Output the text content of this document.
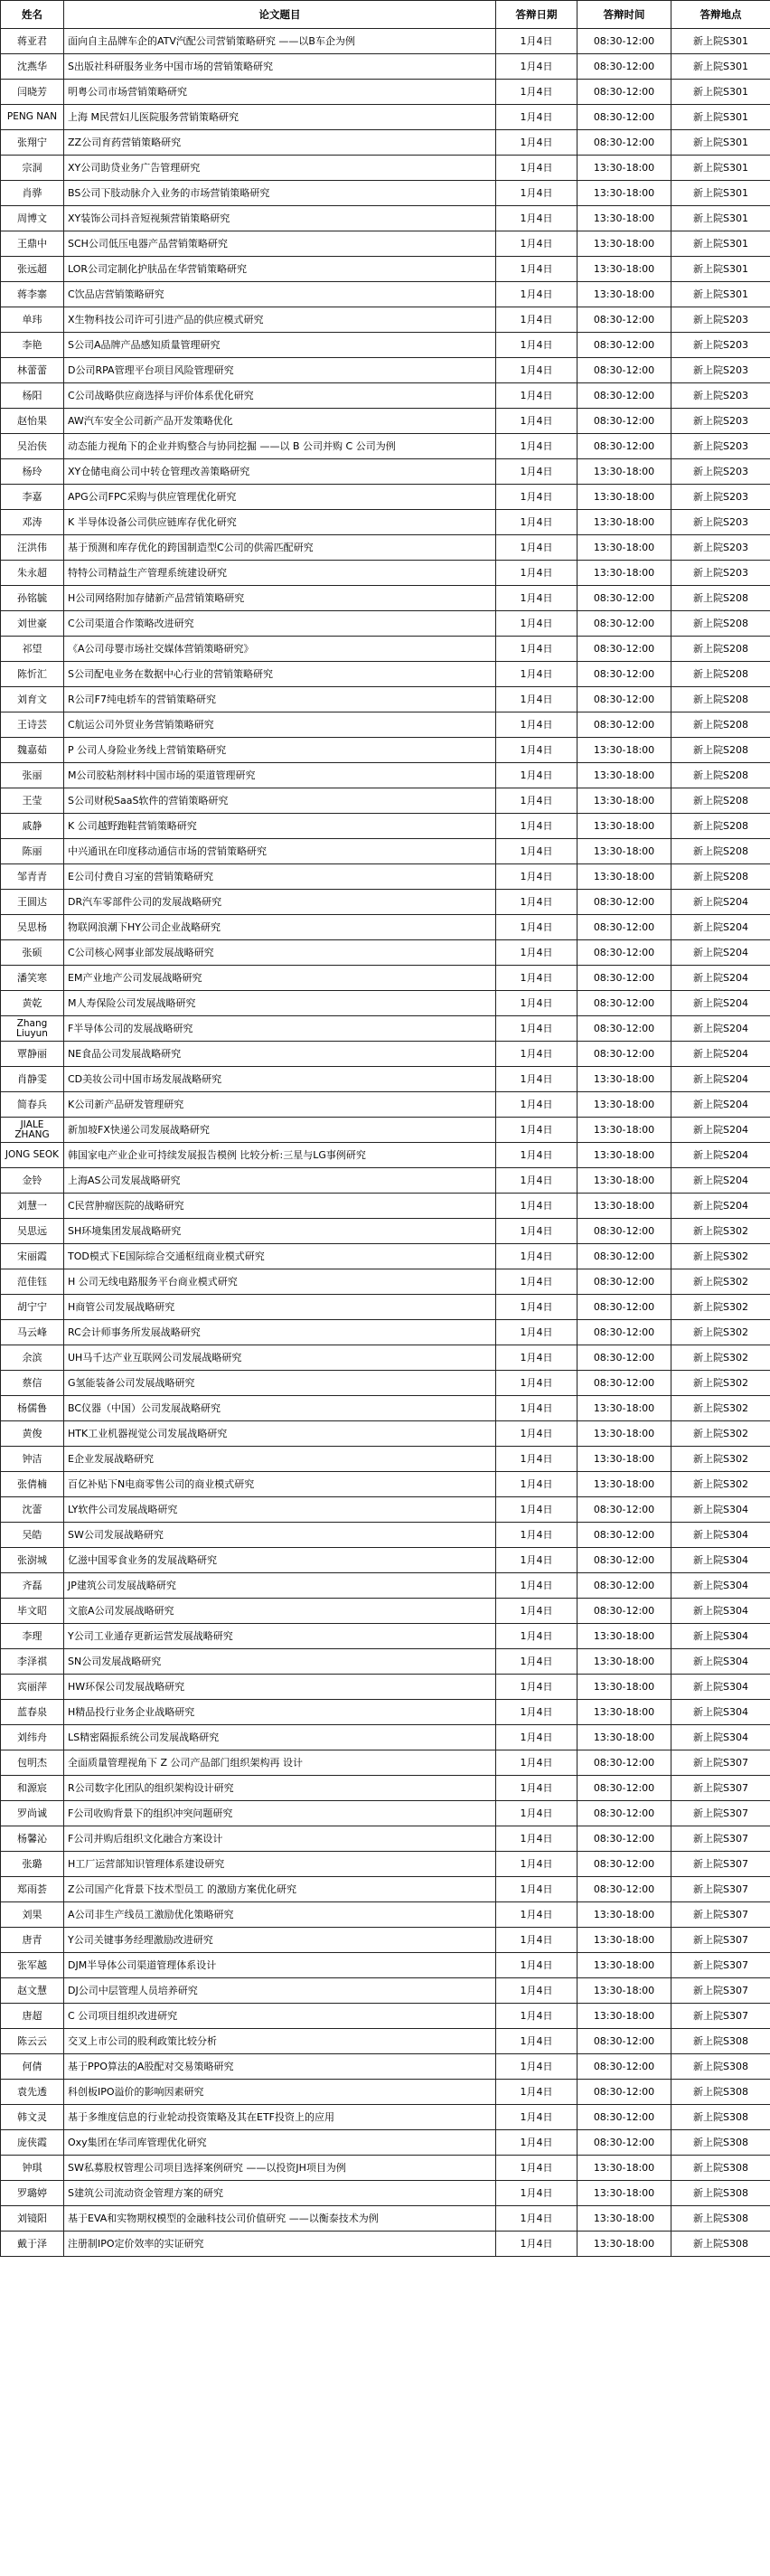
姓名	论文题目	答辩日期	答辩时间	答辩地点
蒋亚君	面向自主品牌车企的ATV汽配公司营销策略研究 ——以B车企为例	1月4日	08:30-12:00	新上院S301
沈燕华	S出版社科研服务业务中国市场的营销策略研究	1月4日	08:30-12:00	新上院S301
闫晓芳	明粤公司市场营销策略研究	1月4日	08:30-12:00	新上院S301
PENG NAN	上海 M民营妇儿医院服务营销策略研究	1月4日	08:30-12:00	新上院S301
张翔宁	ZZ公司育药营销策略研究	1月4日	08:30-12:00	新上院S301
宗洞	XY公司助贷业务广告管理研究	1月4日	13:30-18:00	新上院S301
肖骅	BS公司下肢动脉介入业务的市场营销策略研究	1月4日	13:30-18:00	新上院S301
周博文	XY装饰公司抖音短视频营销策略研究	1月4日	13:30-18:00	新上院S301
王鼎中	SCH公司低压电器产品营销策略研究	1月4日	13:30-18:00	新上院S301
张远超	LOR公司定制化护肤品在华营销策略研究	1月4日	13:30-18:00	新上院S301
蒋李寨	C饮品店营销策略研究	1月4日	13:30-18:00	新上院S301
单玮	X生物科技公司许可引进产品的供应模式研究	1月4日	08:30-12:00	新上院S203
李艳	S公司A品牌产品感知质量管理研究	1月4日	08:30-12:00	新上院S203
林蕾蕾	D公司RPA管理平台项目风险管理研究	1月4日	08:30-12:00	新上院S203
杨阳	C公司战略供应商选择与评价体系优化研究	1月4日	08:30-12:00	新上院S203
赵怡果	AW汽车安全公司新产品开发策略优化	1月4日	08:30-12:00	新上院S203
吴治侠	动态能力视角下的企业并购整合与协同挖掘 ——以 B 公司并购 C 公司为例	1月4日	08:30-12:00	新上院S203
杨玲	XY仓储电商公司中转仓管理改善策略研究	1月4日	13:30-18:00	新上院S203
李嘉	APG公司FPC采购与供应管理优化研究	1月4日	13:30-18:00	新上院S203
邓涛	K 半导体设备公司供应链库存优化研究	1月4日	13:30-18:00	新上院S203
汪洪伟	基于预测和库存优化的跨国制造型C公司的供需匹配研究	1月4日	13:30-18:00	新上院S203
朱永超	特特公司精益生产管理系统建设研究	1月4日	13:30-18:00	新上院S203
孙铭毓	H公司网络附加存储新产品营销策略研究	1月4日	08:30-12:00	新上院S208
刘世豪	C公司渠道合作策略改进研究	1月4日	08:30-12:00	新上院S208
祁望	《A公司母婴市场社交媒体营销策略研究》	1月4日	08:30-12:00	新上院S208
陈忻汇	S公司配电业务在数据中心行业的营销策略研究	1月4日	08:30-12:00	新上院S208
刘育文	R公司F7纯电轿车的营销策略研究	1月4日	08:30-12:00	新上院S208
王诗芸	C航运公司外贸业务营销策略研究	1月4日	08:30-12:00	新上院S208
魏嘉茹	P 公司人身险业务线上营销策略研究	1月4日	13:30-18:00	新上院S208
张丽	M公司胶粘剂材料中国市场的渠道管理研究	1月4日	13:30-18:00	新上院S208
王莹	S公司财税SaaS软件的营销策略研究	1月4日	13:30-18:00	新上院S208
戚静	K 公司越野跑鞋营销策略研究	1月4日	13:30-18:00	新上院S208
陈丽	中兴通讯在印度移动通信市场的营销策略研究	1月4日	13:30-18:00	新上院S208
邹青青	E公司付费自习室的营销策略研究	1月4日	13:30-18:00	新上院S208
王圆达	DR汽车零部件公司的发展战略研究	1月4日	08:30-12:00	新上院S204
吴思杨	物联网浪潮下HY公司企业战略研究	1月4日	08:30-12:00	新上院S204
张硕	C公司核心网事业部发展战略研究	1月4日	08:30-12:00	新上院S204
潘笑寒	EM产业地产公司发展战略研究	1月4日	08:30-12:00	新上院S204
黄乾	M人寿保险公司发展战略研究	1月4日	08:30-12:00	新上院S204
Zhang Liuyun	F半导体公司的发展战略研究	1月4日	08:30-12:00	新上院S204
覃静丽	NE食品公司发展战略研究	1月4日	08:30-12:00	新上院S204
肖静雯	CD美妆公司中国市场发展战略研究	1月4日	13:30-18:00	新上院S204
简春兵	K公司新产品研发管理研究	1月4日	13:30-18:00	新上院S204
JIALE ZHANG	新加坡FX快递公司发展战略研究	1月4日	13:30-18:00	新上院S204
JONG SEOK	韩国家电产业企业可持续发展报告模例 比较分析:三星与LG事例研究	1月4日	13:30-18:00	新上院S204
金铃	上海AS公司发展战略研究	1月4日	13:30-18:00	新上院S204
刘慧一	C民营肿瘤医院的战略研究	1月4日	13:30-18:00	新上院S204
吴思远	SH环境集团发展战略研究	1月4日	08:30-12:00	新上院S302
宋丽霞	TOD模式下E国际综合交通枢纽商业模式研究	1月4日	08:30-12:00	新上院S302
范佳钰	H 公司无线电路服务平台商业模式研究	1月4日	08:30-12:00	新上院S302
胡宁宁	H商管公司发展战略研究	1月4日	08:30-12:00	新上院S302
马云峰	RC会计师事务所发展战略研究	1月4日	08:30-12:00	新上院S302
余滨	UH马千达产业互联网公司发展战略研究	1月4日	08:30-12:00	新上院S302
蔡信	G氢能装备公司发展战略研究	1月4日	08:30-12:00	新上院S302
杨儒鲁	BC仪器（中国）公司发展战略研究	1月4日	13:30-18:00	新上院S302
黄俊	HTK工业机器视觉公司发展战略研究	1月4日	13:30-18:00	新上院S302
钟洁	E企业发展战略研究	1月4日	13:30-18:00	新上院S302
张倩楠	百亿补贴下N电商零售公司的商业模式研究	1月4日	13:30-18:00	新上院S302
沈蕾	LY软件公司发展战略研究	1月4日	08:30-12:00	新上院S304
吴皓	SW公司发展战略研究	1月4日	08:30-12:00	新上院S304
张澍城	亿滋中国零食业务的发展战略研究	1月4日	08:30-12:00	新上院S304
齐磊	JP建筑公司发展战略研究	1月4日	08:30-12:00	新上院S304
毕文昭	文旅A公司发展战略研究	1月4日	08:30-12:00	新上院S304
李理	Y公司工业通存更新运营发展战略研究	1月4日	13:30-18:00	新上院S304
李泽祺	SN公司发展战略研究	1月4日	13:30-18:00	新上院S304
宾丽萍	HW环保公司发展战略研究	1月4日	13:30-18:00	新上院S304
蓝春泉	H精品投行业务企业战略研究	1月4日	13:30-18:00	新上院S304
刘纬舟	LS精密隔振系统公司发展战略研究	1月4日	13:30-18:00	新上院S304
包明杰	全面质量管理视角下 Z 公司产品部门组织架构再 设计	1月4日	08:30-12:00	新上院S307
和源宸	R公司数字化团队的组织架构设计研究	1月4日	08:30-12:00	新上院S307
罗尚诚	F公司收购背景下的组织冲突问题研究	1月4日	08:30-12:00	新上院S307
杨馨沁	F公司并购后组织文化融合方案设计	1月4日	08:30-12:00	新上院S307
张璐	H工厂运营部知识管理体系建设研究	1月4日	08:30-12:00	新上院S307
郑雨荟	Z公司国产化背景下技术型员工 的激励方案优化研究	1月4日	08:30-12:00	新上院S307
刘果	A公司非生产线员工激励优化策略研究	1月4日	13:30-18:00	新上院S307
唐青	Y公司关键事务经理激励改进研究	1月4日	13:30-18:00	新上院S307
张军越	DJM半导体公司渠道管理体系设计	1月4日	13:30-18:00	新上院S307
赵文慧	DJ公司中层管理人员培养研究	1月4日	13:30-18:00	新上院S307
唐超	C 公司项目组织改进研究	1月4日	13:30-18:00	新上院S307
陈云云	交叉上市公司的股利政策比较分析	1月4日	08:30-12:00	新上院S308
何倩	基于PPO算法的A股配对交易策略研究	1月4日	08:30-12:00	新上院S308
袁先透	科创板IPO溢价的影响因素研究	1月4日	08:30-12:00	新上院S308
韩文灵	基于多维度信息的行业轮动投资策略及其在ETF投资上的应用	1月4日	08:30-12:00	新上院S308
庞侠霞	Oxy集团在华司库管理优化研究	1月4日	08:30-12:00	新上院S308
钟琪	SW私募股权管理公司项目选择案例研究 ——以投资JH项目为例	1月4日	13:30-18:00	新上院S308
罗璐婷	S建筑公司流动资金管理方案的研究	1月4日	13:30-18:00	新上院S308
刘镜阳	基于EVA和实物期权模型的金融科技公司价值研究 ——以衡泰技术为例	1月4日	13:30-18:00	新上院S308
戴于泽	注册制IPO定价效率的实证研究	1月4日	13:30-18:00	新上院S308
